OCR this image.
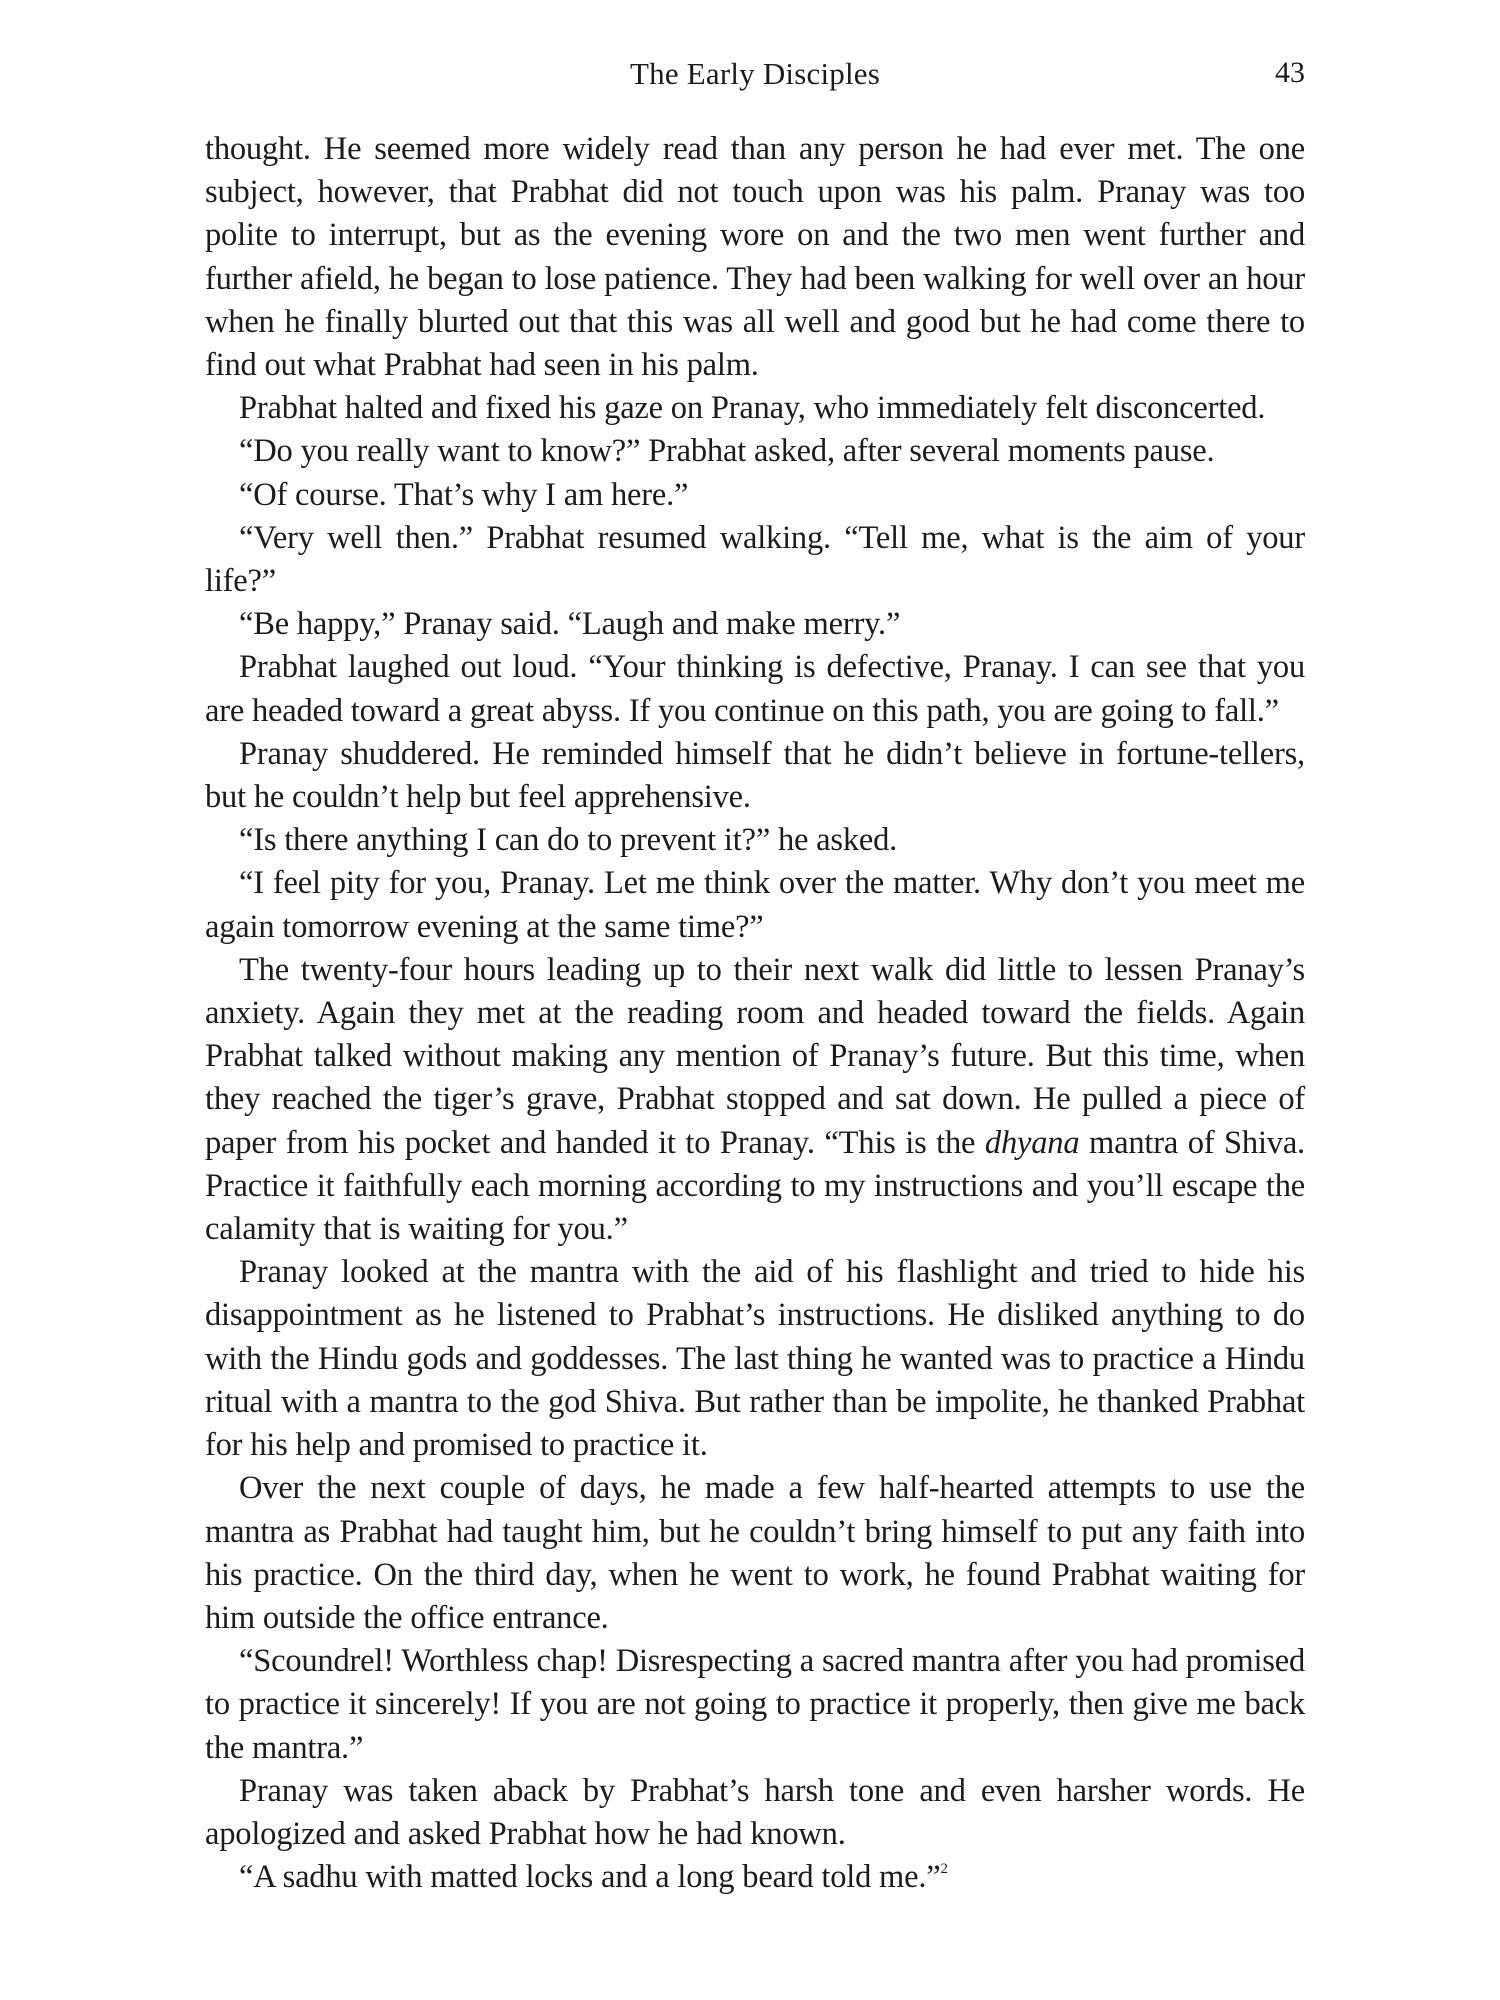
The Early Disciples	43

thought. He seemed more widely read than any person he had ever met. The one subject, however, that Prabhat did not touch upon was his palm. Pranay was too polite to interrupt, but as the evening wore on and the two men went further and further afield, he began to lose patience. They had been walking for well over an hour when he finally blurted out that this was all well and good but he had come there to find out what Prabhat had seen in his palm.

Prabhat halted and fixed his gaze on Pranay, who immediately felt disconcerted.

“Do you really want to know?” Prabhat asked, after several moments pause.

“Of course. That’s why I am here.”

“Very well then.” Prabhat resumed walking. “Tell me, what is the aim of your life?”

“Be happy,” Pranay said. “Laugh and make merry.”

Prabhat laughed out loud. “Your thinking is defective, Pranay. I can see that you are headed toward a great abyss. If you continue on this path, you are going to fall.”

Pranay shuddered. He reminded himself that he didn’t believe in fortune-tellers, but he couldn’t help but feel apprehensive.

“Is there anything I can do to prevent it?” he asked.

“I feel pity for you, Pranay. Let me think over the matter. Why don’t you meet me again tomorrow evening at the same time?”

The twenty-four hours leading up to their next walk did little to lessen Pranay’s anxiety. Again they met at the reading room and headed toward the fields. Again Prabhat talked without making any mention of Pranay’s future. But this time, when they reached the tiger’s grave, Prabhat stopped and sat down. He pulled a piece of paper from his pocket and handed it to Pranay. “This is the dhyana mantra of Shiva. Practice it faithfully each morning according to my instructions and you’ll escape the calamity that is waiting for you.”

Pranay looked at the mantra with the aid of his flashlight and tried to hide his disappointment as he listened to Prabhat’s instructions. He disliked anything to do with the Hindu gods and goddesses. The last thing he wanted was to practice a Hindu ritual with a mantra to the god Shiva. But rather than be impolite, he thanked Prabhat for his help and promised to practice it.

Over the next couple of days, he made a few half-hearted attempts to use the mantra as Prabhat had taught him, but he couldn’t bring himself to put any faith into his practice. On the third day, when he went to work, he found Prabhat waiting for him outside the office entrance.

“Scoundrel! Worthless chap! Disrespecting a sacred mantra after you had promised to practice it sincerely! If you are not going to practice it properly, then give me back the mantra.”

Pranay was taken aback by Prabhat’s harsh tone and even harsher words. He apologized and asked Prabhat how he had known.

“A sadhu with matted locks and a long beard told me.”$^2$
